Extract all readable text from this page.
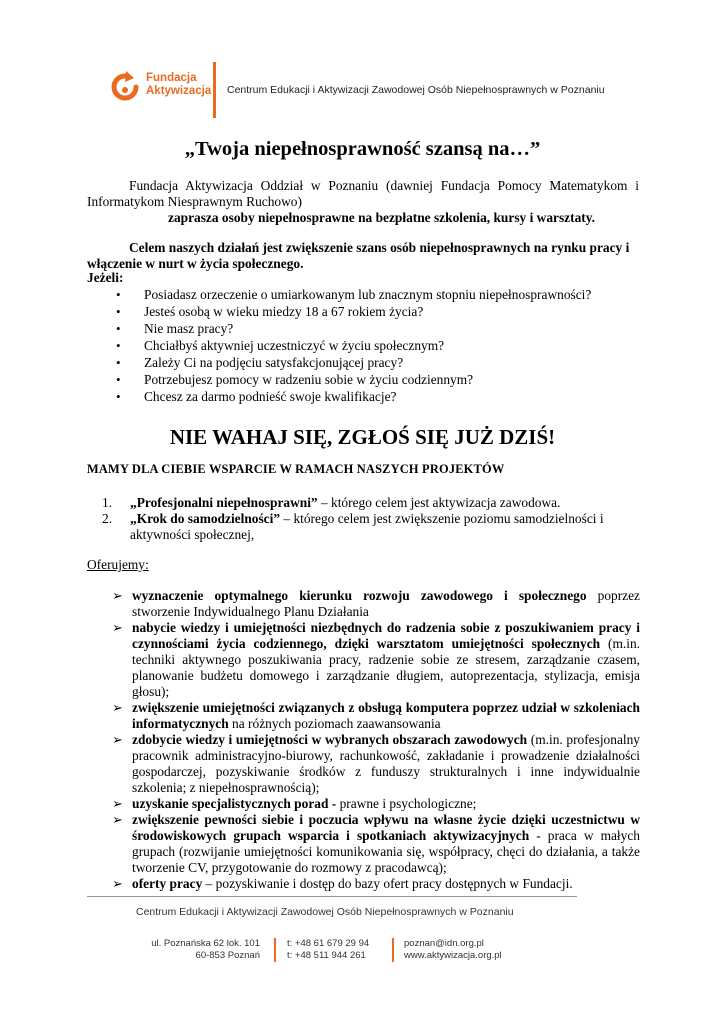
Fundacja
Aktywizacja Centrum Edukacji i Aktywizacji Zawodowej Osób Niepełnosprawnych w Poznaniu
„Twoja niepełnosprawność szansą na…”
Fundacja Aktywizacja Oddział w Poznaniu (dawniej Fundacja Pomocy Matematykom i Informatykom Niesprawnym Ruchowo)
zaprasza osoby niepełnosprawne na bezpłatne szkolenia, kursy i warsztaty.
Celem naszych działań jest zwiększenie szans osób niepełnosprawnych na rynku pracy i włączenie w nurt w życia społecznego.
Jeżeli:
• Posiadasz orzeczenie o umiarkowanym lub znacznym stopniu niepełnosprawności?
• Jesteś osobą w wieku miedzy 18 a 67 rokiem życia?
• Nie masz pracy?
• Chciałbyś aktywniej uczestniczyć w życiu społecznym?
• Zależy Ci na podjęciu satysfakcjonującej pracy?
• Potrzebujesz pomocy w radzeniu sobie w życiu codziennym?
• Chcesz za darmo podnieść swoje kwalifikacje?
NIE WAHAJ SIĘ, ZGŁOŚ SIĘ JUŻ DZIŚ!
MAMY DLA CIEBIE WSPARCIE W RAMACH NASZYCH PROJEKTÓW
1. „Profesjonalni niepełnosprawni” – którego celem jest aktywizacja zawodowa.
2. „Krok do samodzielności” – którego celem jest zwiększenie poziomu samodzielności i aktywności społecznej,
Oferujemy:
➢ wyznaczenie optymalnego kierunku rozwoju zawodowego i społecznego poprzez stworzenie Indywidualnego Planu Działania
➢ nabycie wiedzy i umiejętności niezbędnych do radzenia sobie z poszukiwaniem pracy i czynnościami życia codziennego, dzięki warsztatom umiejętności społecznych (m.in. techniki aktywnego poszukiwania pracy, radzenie sobie ze stresem, zarządzanie czasem, planowanie budżetu domowego i zarządzanie długiem, autoprezentacja, stylizacja, emisja głosu);
➢ zwiększenie umiejętności związanych z obsługą komputera poprzez udział w szkoleniach informatycznych na różnych poziomach zaawansowania
➢ zdobycie wiedzy i umiejętności w wybranych obszarach zawodowych (m.in. profesjonalny pracownik administracyjno-biurowy, rachunkowość, zakładanie i prowadzenie działalności gospodarczej, pozyskiwanie środków z funduszy strukturalnych i inne indywidualnie szkolenia; z niepełnosprawnością);
➢ uzyskanie specjalistycznych porad - prawne i psychologiczne;
➢ zwiększenie pewności siebie i poczucia wpływu na własne życie dzięki uczestnictwu w środowiskowych grupach wsparcia i spotkaniach aktywizacyjnych - praca w małych grupach (rozwijanie umiejętności komunikowania się, współpracy, chęci do działania, a także tworzenie CV, przygotowanie do rozmowy z pracodawcą);
➢ oferty pracy – pozyskiwanie i dostęp do bazy ofert pracy dostępnych w Fundacji.
Centrum Edukacji i Aktywizacji Zawodowej Osób Niepełnosprawnych w Poznaniu
ul. Poznańska 62 lok. 101
60-853 Poznań
t: +48 61 679 29 94
t: +48 511 944 261
poznan@idn.org.pl
www.aktywizacja.org.pl
